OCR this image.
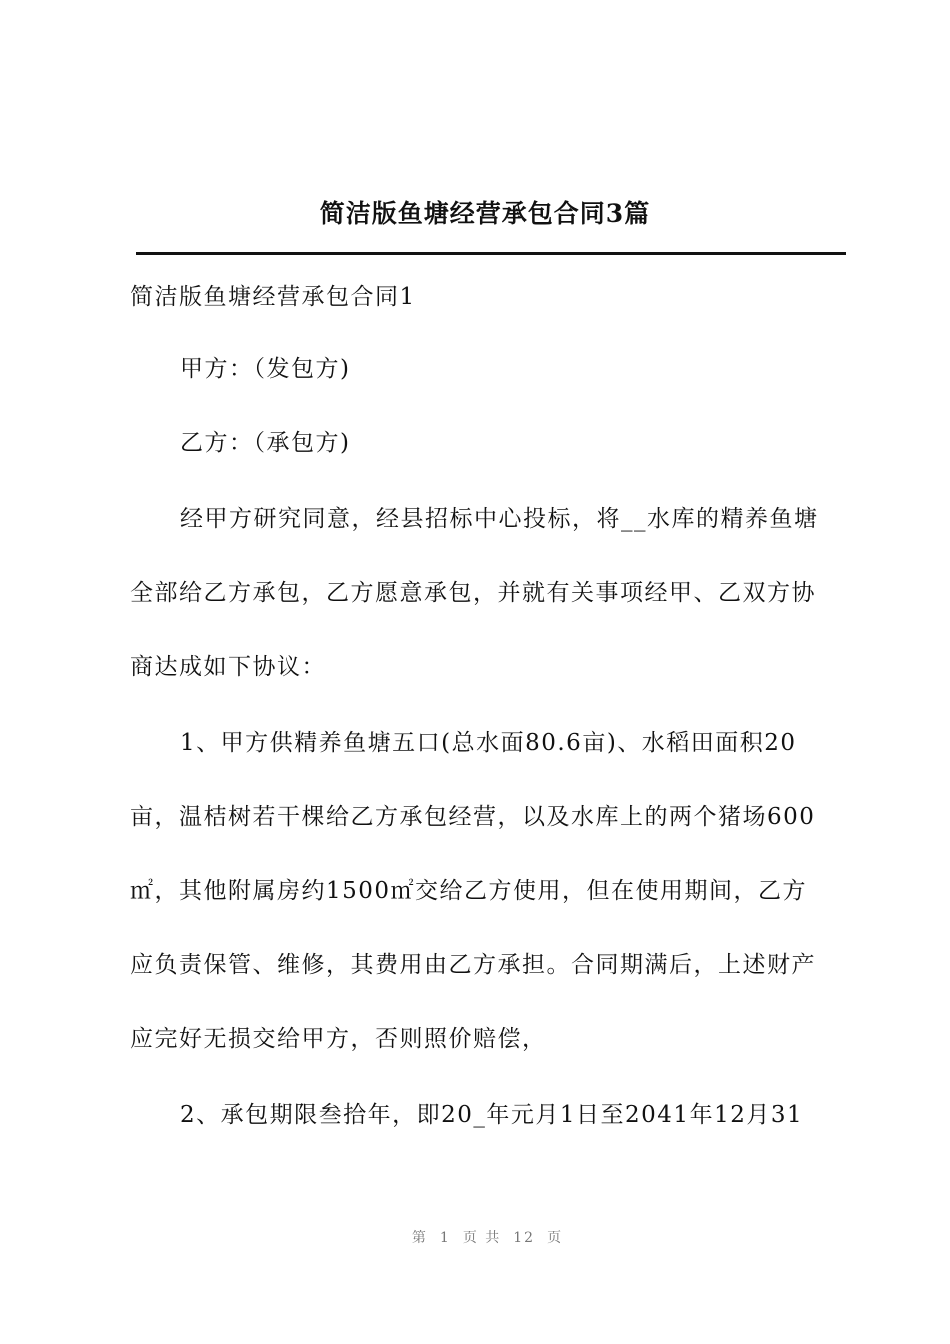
简洁版鱼塘经营承包合同3篇
简洁版鱼塘经营承包合同1
甲方：（发包方)
乙方：（承包方)
经甲方研究同意，经县招标中心投标，将__水库的精养鱼塘
全部给乙方承包，乙方愿意承包，并就有关事项经甲、乙双方协
商达成如下协议：
1、甲方供精养鱼塘五口(总水面80.6亩)、水稻田面积20
亩，温桔树若干棵给乙方承包经营，以及水库上的两个猪场600
㎡，其他附属房约1500㎡交给乙方使用，但在使用期间，乙方
应负责保管、维修，其费用由乙方承担。合同期满后，上述财产
应完好无损交给甲方，否则照价赔偿，
2、承包期限叁拾年，即20_年元月1日至2041年12月31
第 1 页 共 12 页
